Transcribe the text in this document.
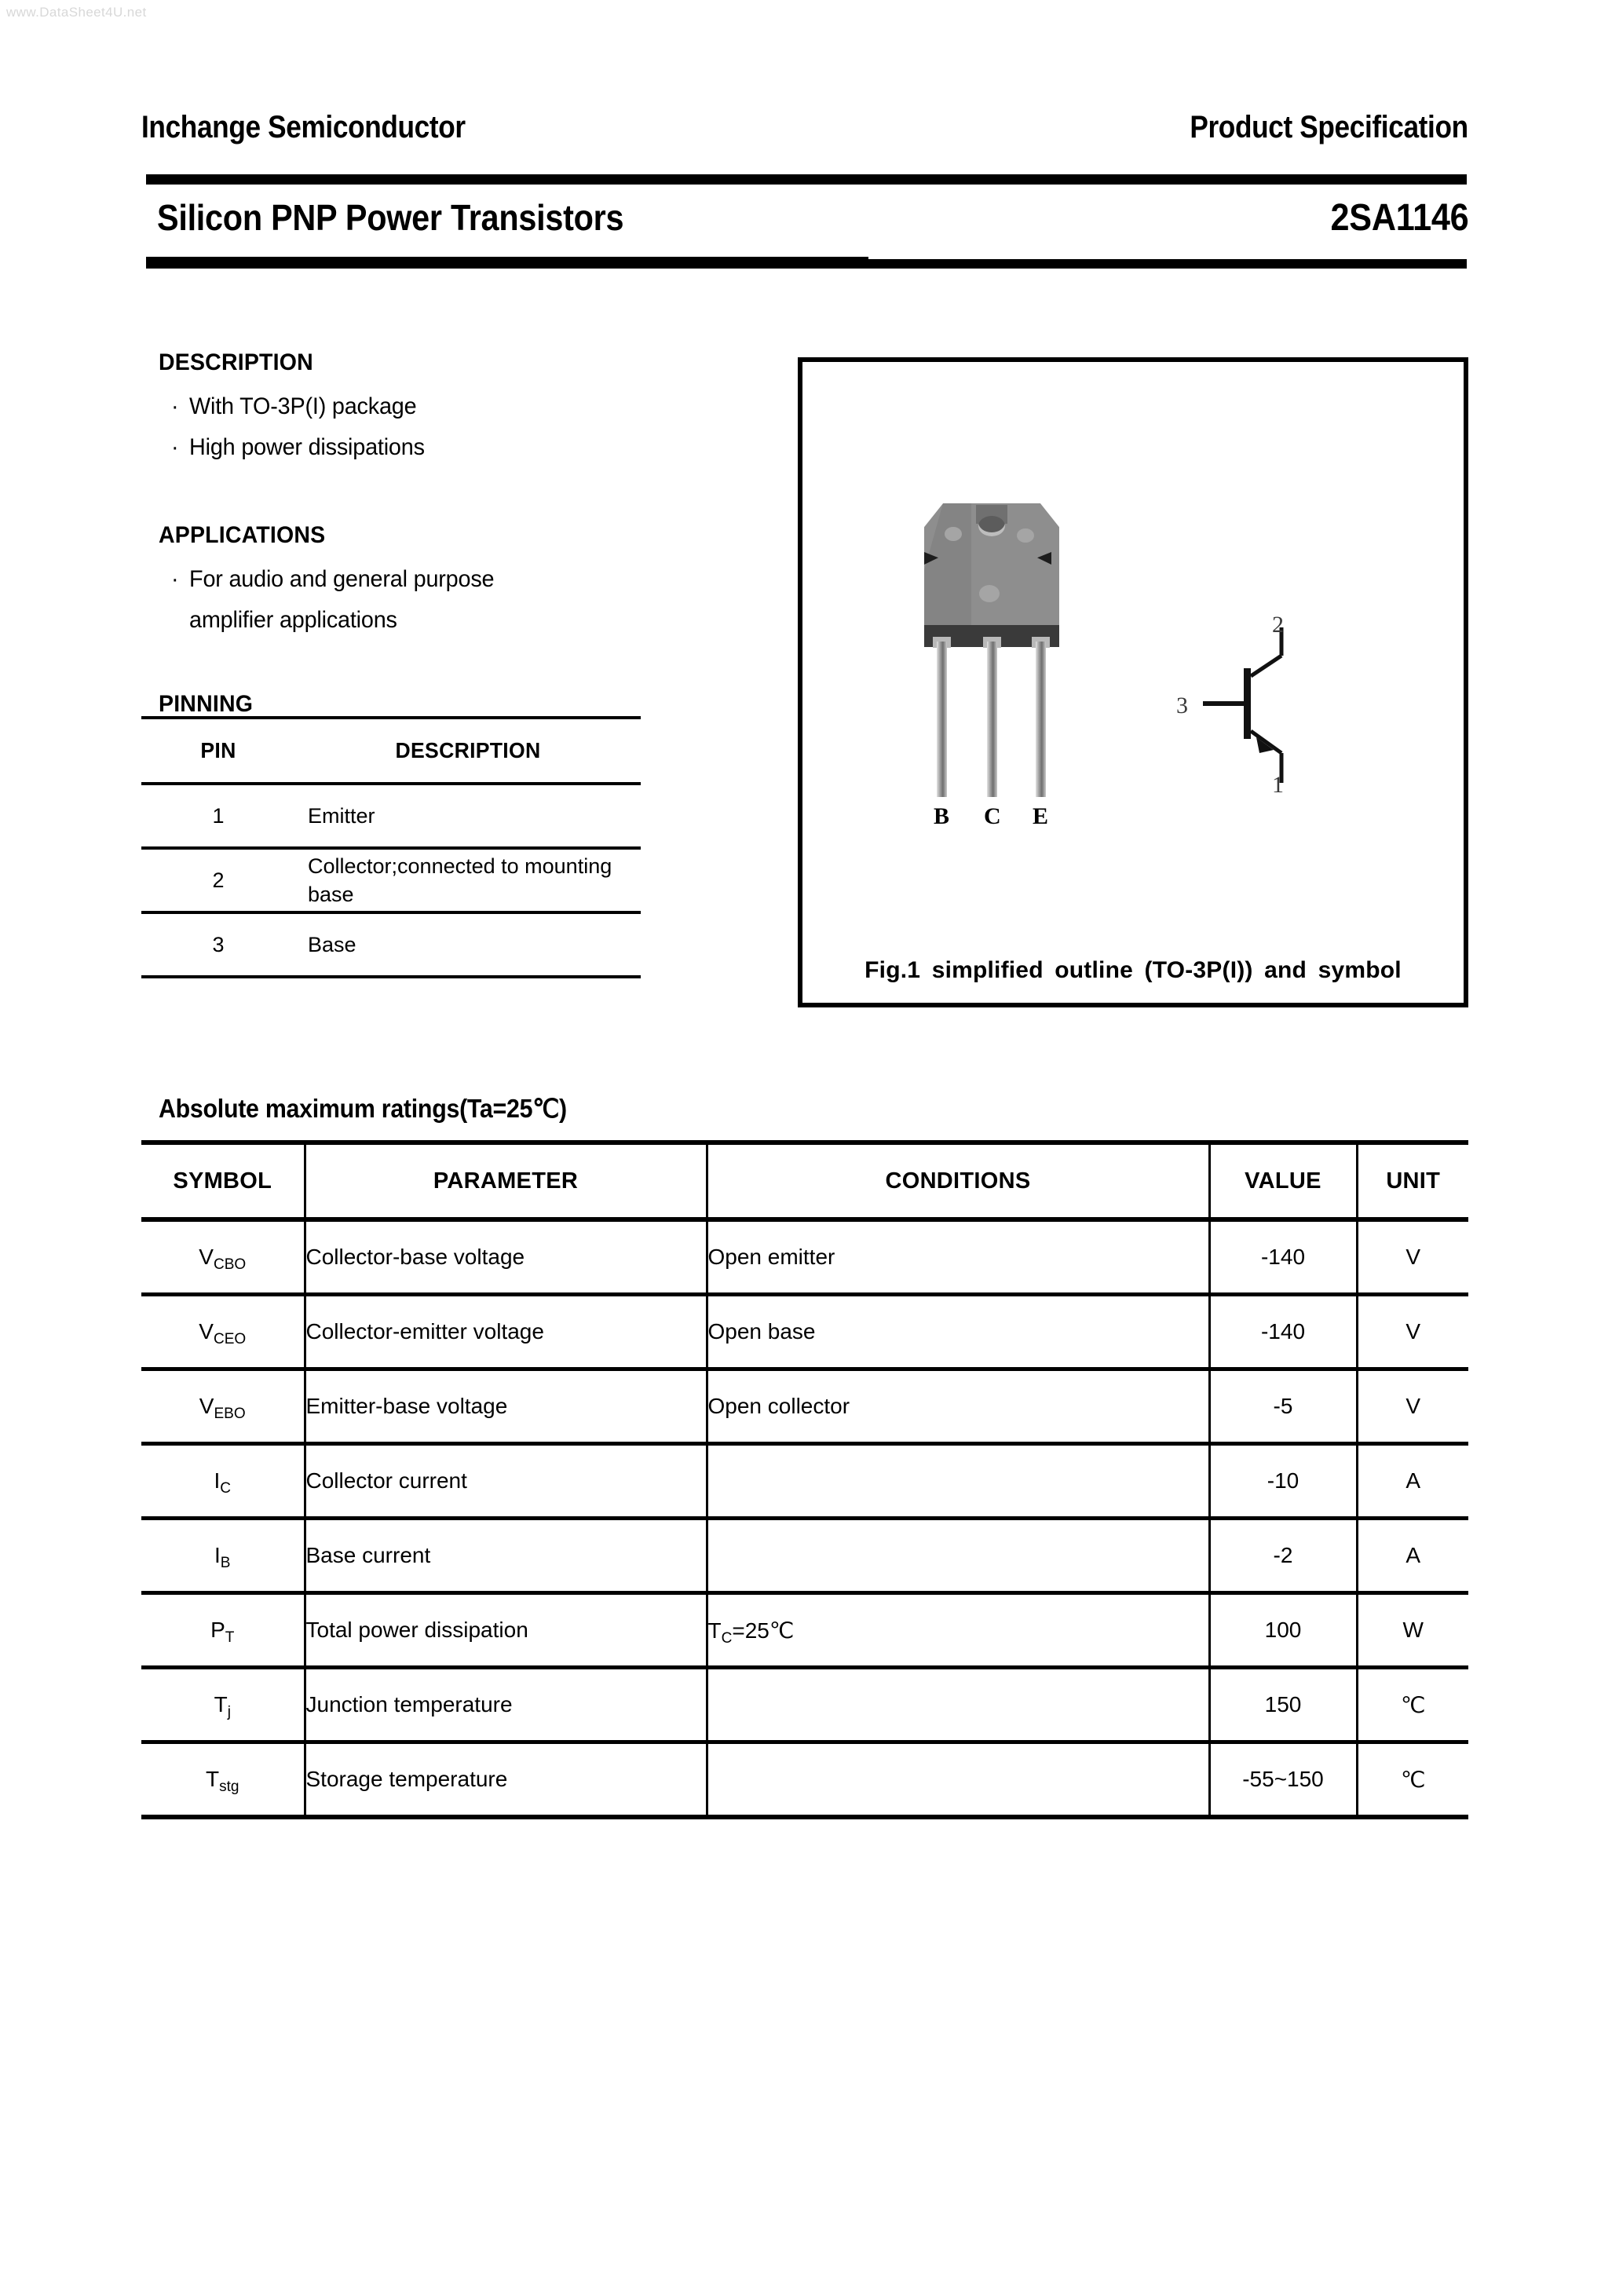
www.DataSheet4U.net
Inchange Semiconductor	Product Specification
Silicon PNP Power Transistors	2SA1146
DESCRIPTION
· With TO-3P(I) package
· High power dissipations
APPLICATIONS
· For audio and general purpose
amplifier applications
PINNING
PIN	DESCRIPTION
1	Emitter
2	Collector;connected to mounting base
3	Base
B C E
2
3
1
Fig.1 simplified outline (TO-3P(I)) and symbol
Absolute maximum ratings(Ta=25℃)
SYMBOL	PARAMETER	CONDITIONS	VALUE	UNIT
$V_{CBO}$	Collector-base voltage	Open emitter	-140	V
$V_{CEO}$	Collector-emitter voltage	Open base	-140	V
$V_{EBO}$	Emitter-base voltage	Open collector	-5	V
$I_C$	Collector current		-10	A
$I_B$	Base current		-2	A
$P_T$	Total power dissipation	$T_C=25℃$	100	W
$T_j$	Junction temperature		150	℃
$T_{stg}$	Storage temperature		-55~150	℃
